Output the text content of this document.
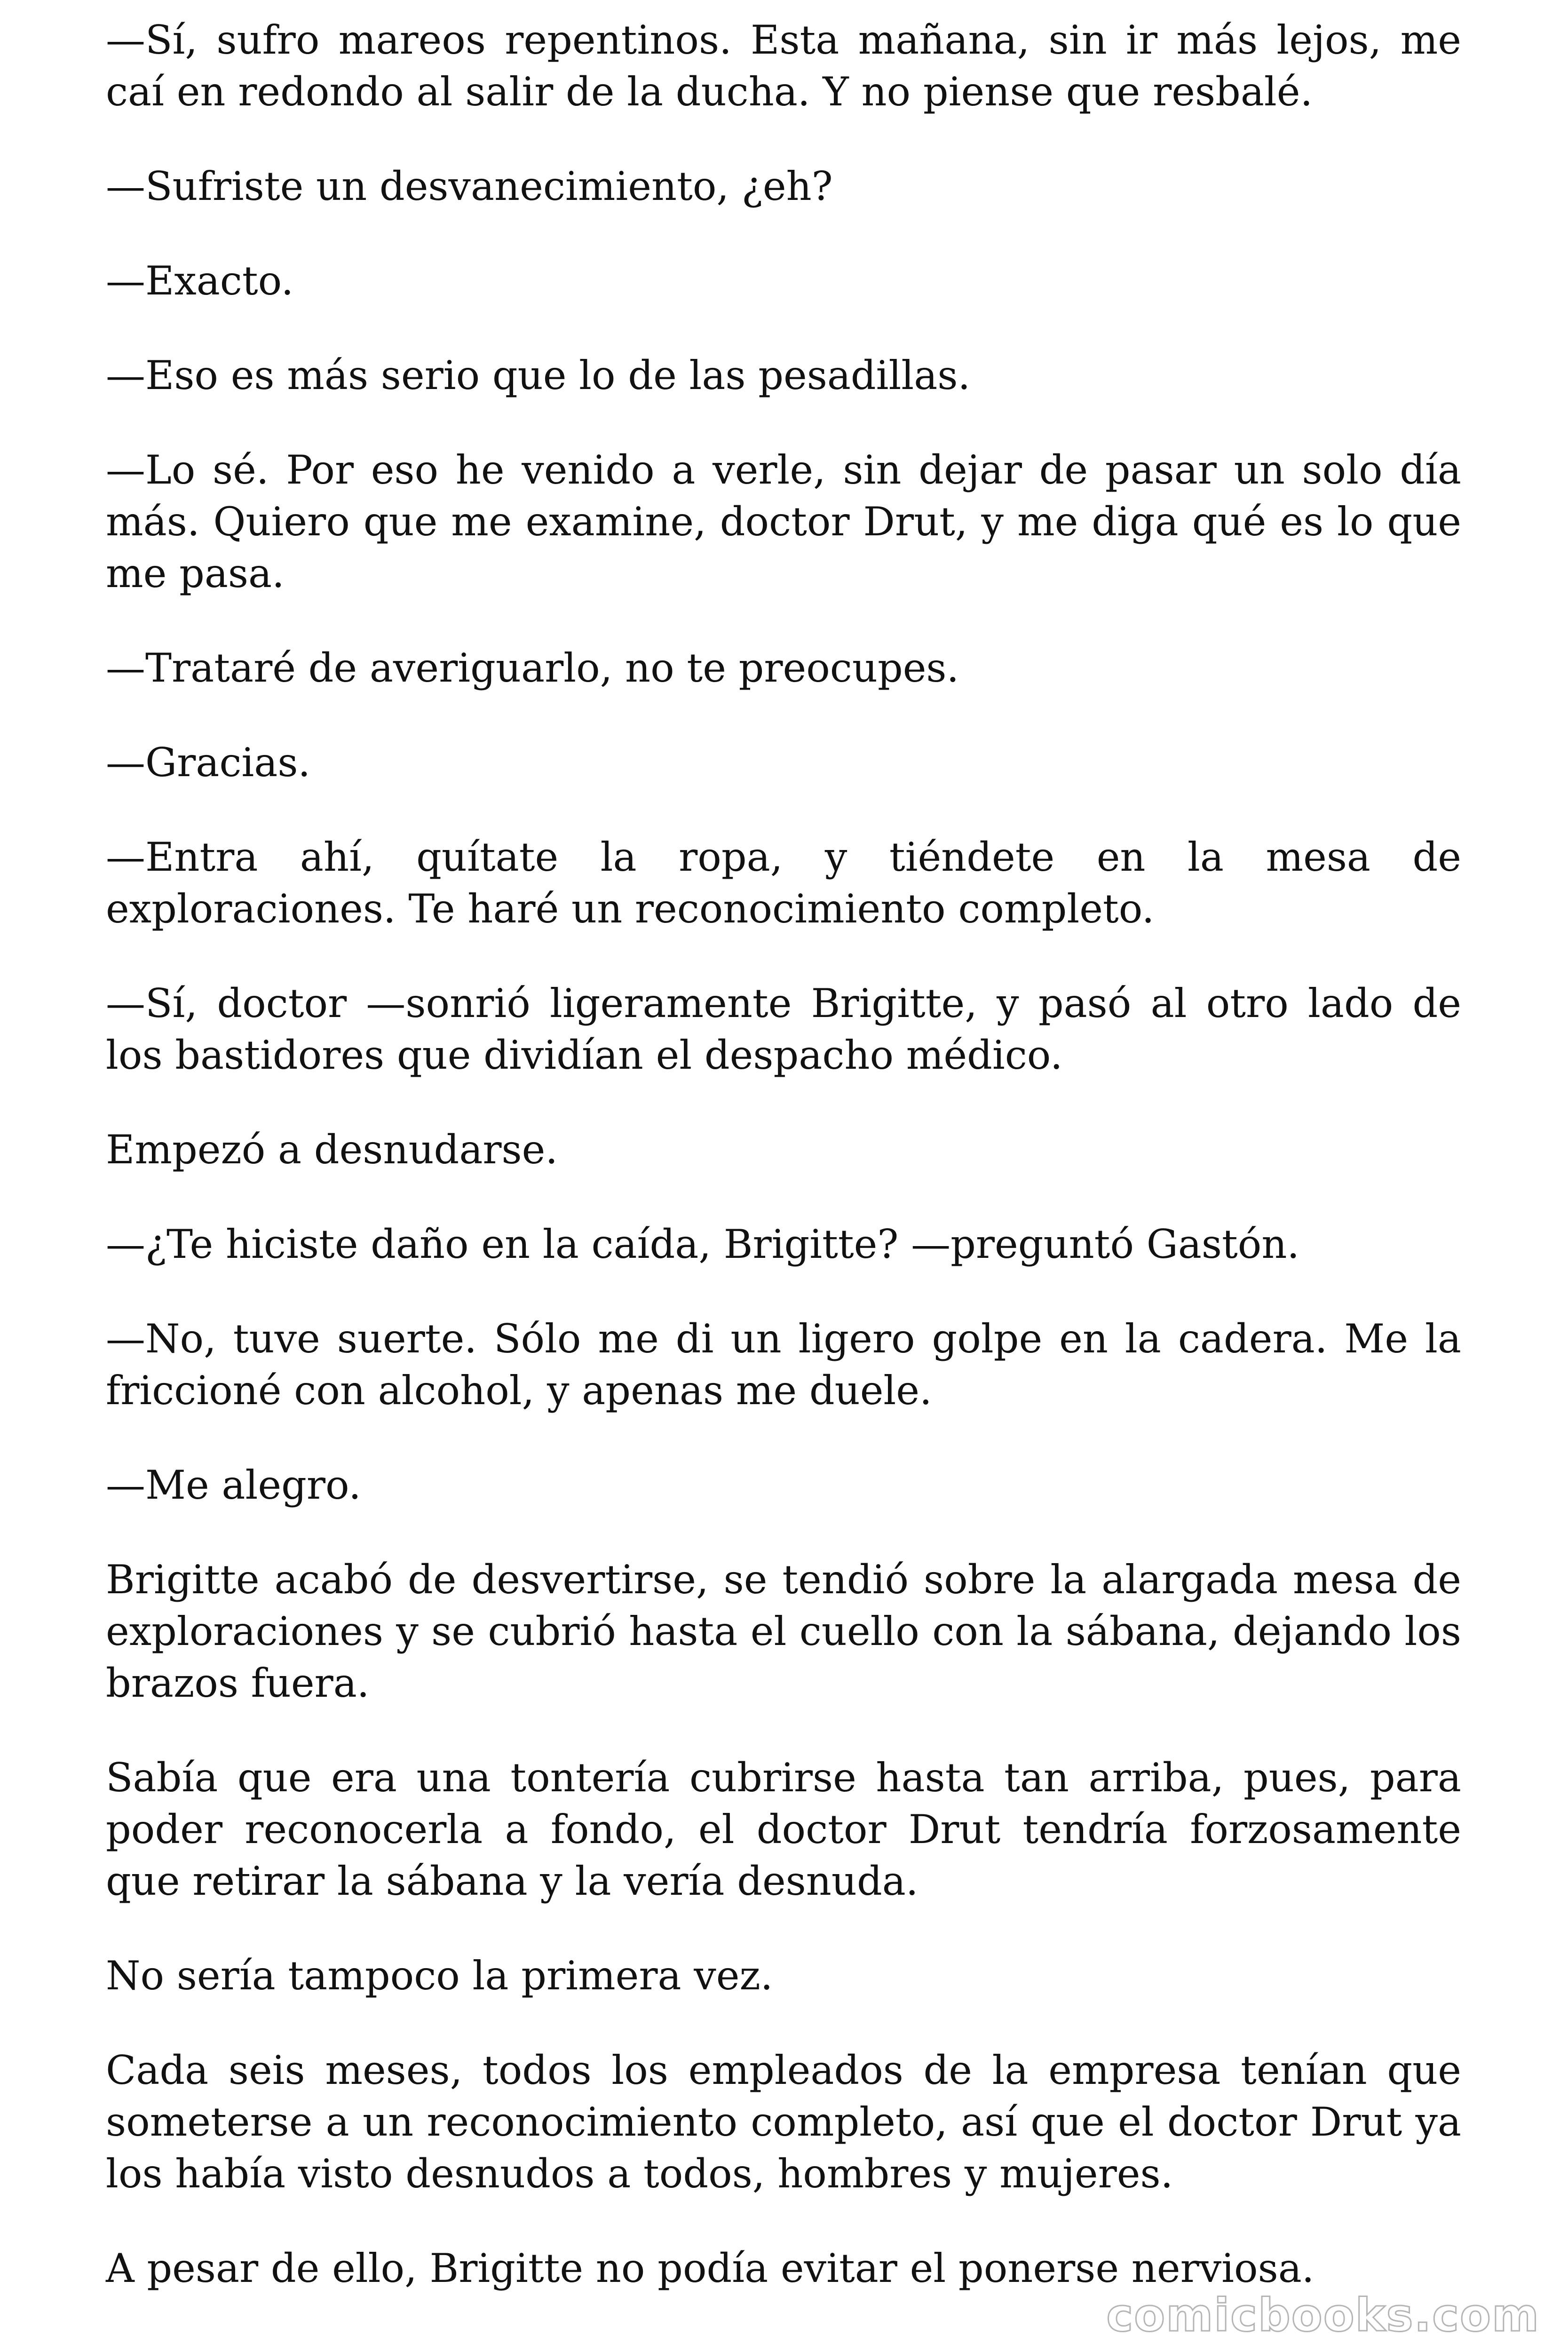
—Sí, sufro mareos repentinos. Esta mañana, sin ir más lejos, me caí en redondo al salir de la ducha. Y no piense que resbalé.

—Sufriste un desvanecimiento, ¿eh?

—Exacto.

—Eso es más serio que lo de las pesadillas.

—Lo sé. Por eso he venido a verle, sin dejar de pasar un solo día más. Quiero que me examine, doctor Drut, y me diga qué es lo que me pasa.

—Trataré de averiguarlo, no te preocupes.

—Gracias.

—Entra ahí, quítate la ropa, y tiéndete en la mesa de exploraciones. Te haré un reconocimiento completo.

—Sí, doctor —sonrió ligeramente Brigitte, y pasó al otro lado de los bastidores que dividían el despacho médico.

Empezó a desnudarse.

—¿Te hiciste daño en la caída, Brigitte? —preguntó Gastón.

—No, tuve suerte. Sólo me di un ligero golpe en la cadera. Me la friccioné con alcohol, y apenas me duele.

—Me alegro.

Brigitte acabó de desvertirse, se tendió sobre la alargada mesa de exploraciones y se cubrió hasta el cuello con la sábana, dejando los brazos fuera.

Sabía que era una tontería cubrirse hasta tan arriba, pues, para poder reconocerla a fondo, el doctor Drut tendría forzosamente que retirar la sábana y la vería desnuda.

No sería tampoco la primera vez.

Cada seis meses, todos los empleados de la empresa tenían que someterse a un reconocimiento completo, así que el doctor Drut ya los había visto desnudos a todos, hombres y mujeres.

A pesar de ello, Brigitte no podía evitar el ponerse nerviosa.

comicbooks.com
